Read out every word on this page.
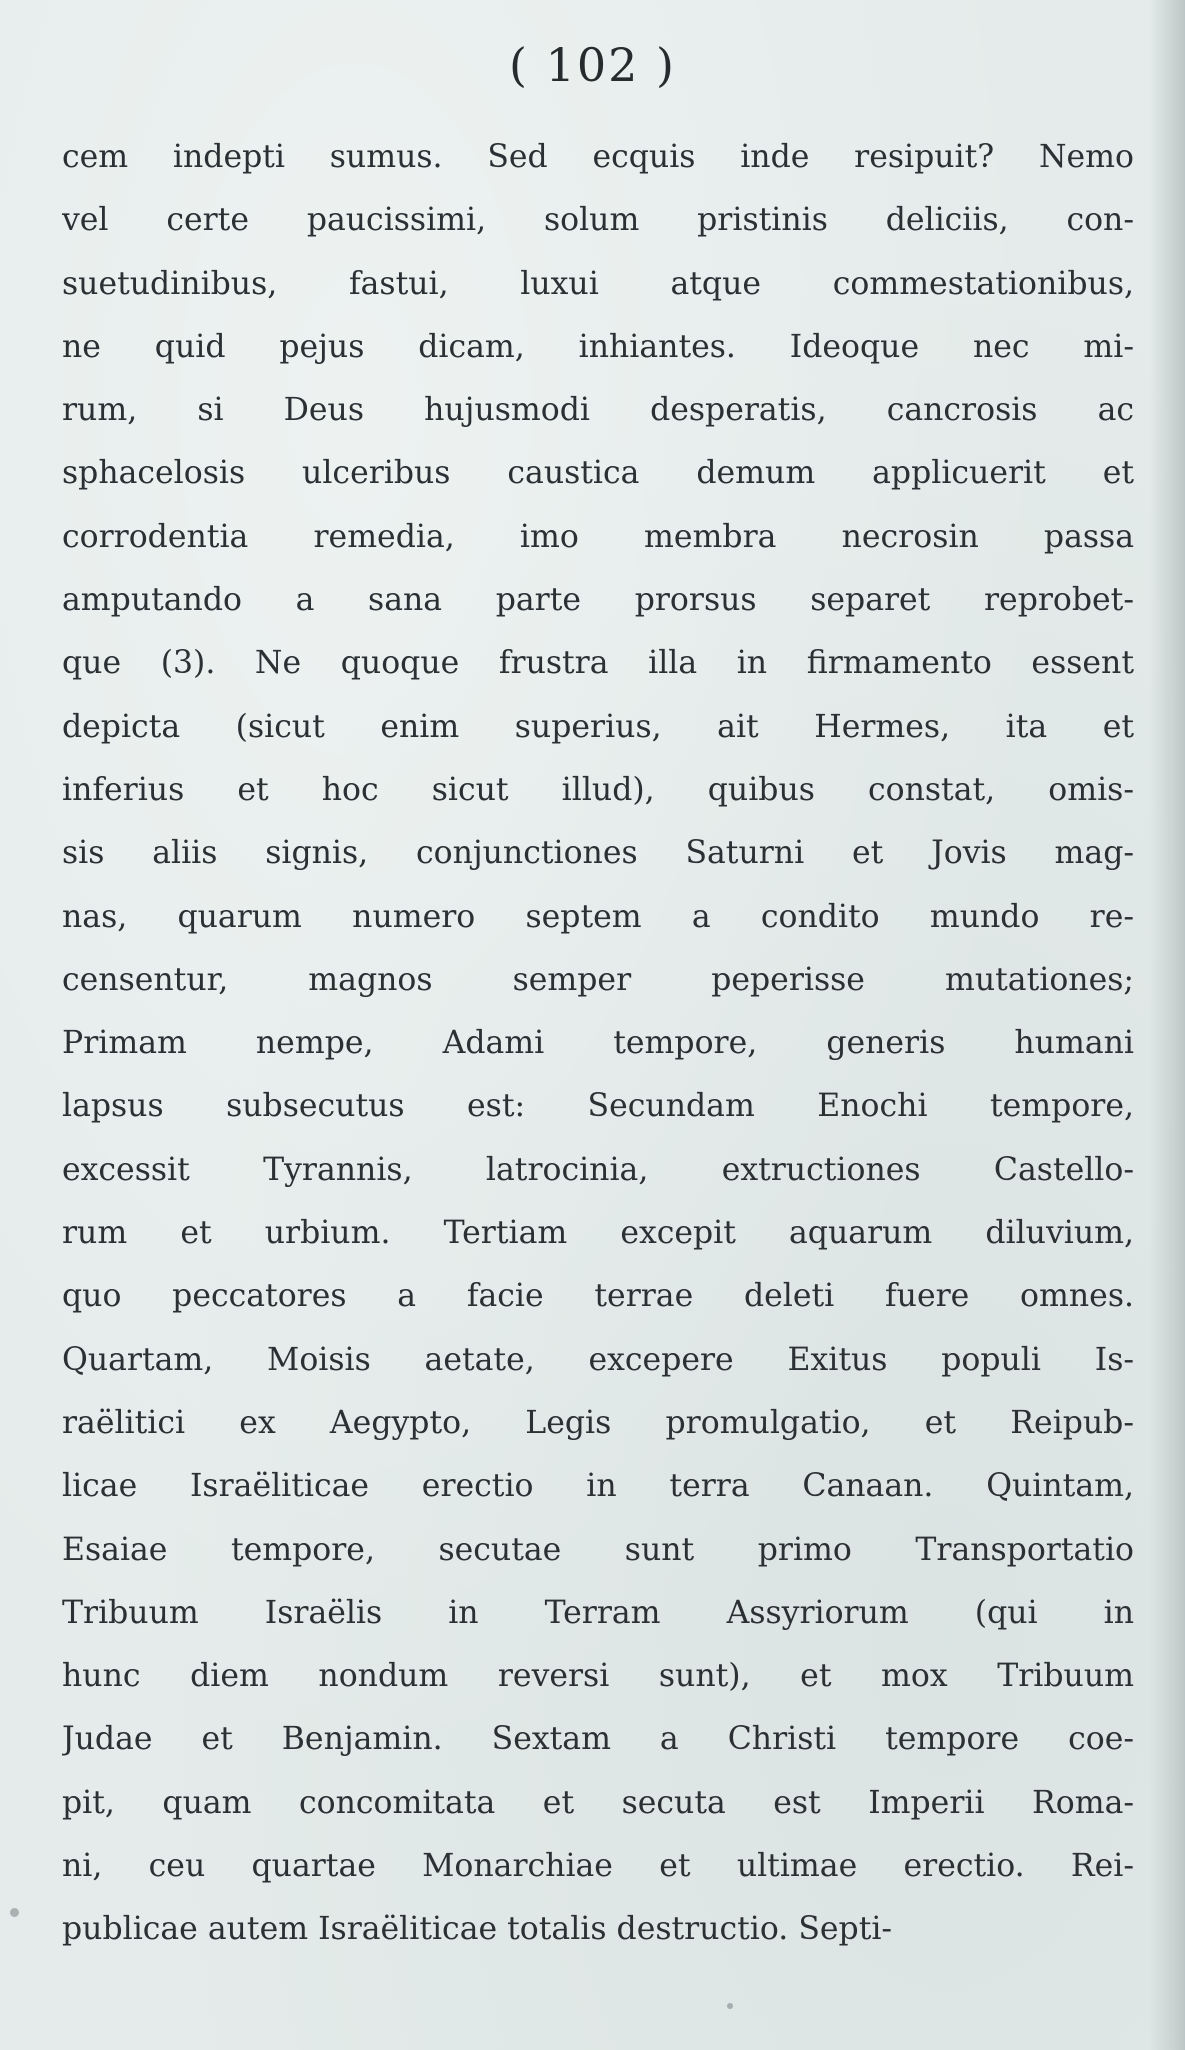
( 102 )
cem indepti sumus. Sed ecquis inde resipuit? Nemo
vel certe paucissimi, solum pristinis deliciis, con-
suetudinibus, fastui, luxui atque commestationibus,
ne quid pejus dicam, inhiantes. Ideoque nec mi-
rum, si Deus hujusmodi desperatis, cancrosis ac
sphacelosis ulceribus caustica demum applicuerit et
corrodentia remedia, imo membra necrosin passa
amputando a sana parte prorsus separet reprobet-
que (3). Ne quoque frustra illa in firmamento essent
depicta (sicut enim superius, ait Hermes, ita et
inferius et hoc sicut illud), quibus constat, omis-
sis aliis signis, conjunctiones Saturni et Jovis mag-
nas, quarum numero septem a condito mundo re-
censentur, magnos semper peperisse mutationes;
Primam nempe, Adami tempore, generis humani
lapsus subsecutus est: Secundam Enochi tempore,
excessit Tyrannis, latrocinia, extructiones Castello-
rum et urbium. Tertiam excepit aquarum diluvium,
quo peccatores a facie terrae deleti fuere omnes.
Quartam, Moisis aetate, excepere Exitus populi Is-
raëlitici ex Aegypto, Legis promulgatio, et Reipub-
licae Israëliticae erectio in terra Canaan. Quintam,
Esaiae tempore, secutae sunt primo Transportatio
Tribuum Israëlis in Terram Assyriorum (qui in
hunc diem nondum reversi sunt), et mox Tribuum
Judae et Benjamin. Sextam a Christi tempore coe-
pit, quam concomitata et secuta est Imperii Roma-
ni, ceu quartae Monarchiae et ultimae erectio. Rei-
publicae autem Israëliticae totalis destructio. Septi-
